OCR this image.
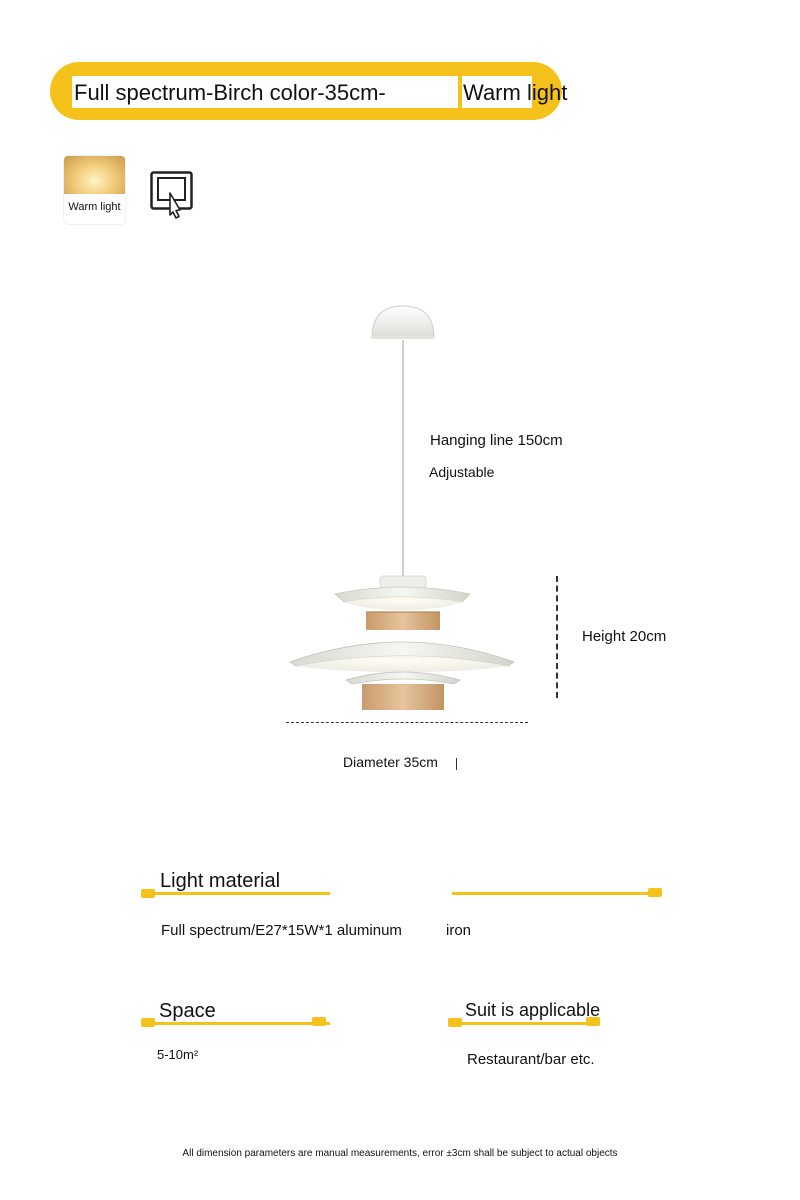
Full spectrum-Birch color-35cm-	Warm light
Warm light
Hanging line 150cm
Adjustable
Height 20cm
Diameter 35cm
Light material
Full spectrum/E27*15W*1 aluminum	iron
Space
5-10m²
Suit is applicable
Restaurant/bar etc.
All dimension parameters are manual measurements, error ±3cm shall be subject to actual objects
